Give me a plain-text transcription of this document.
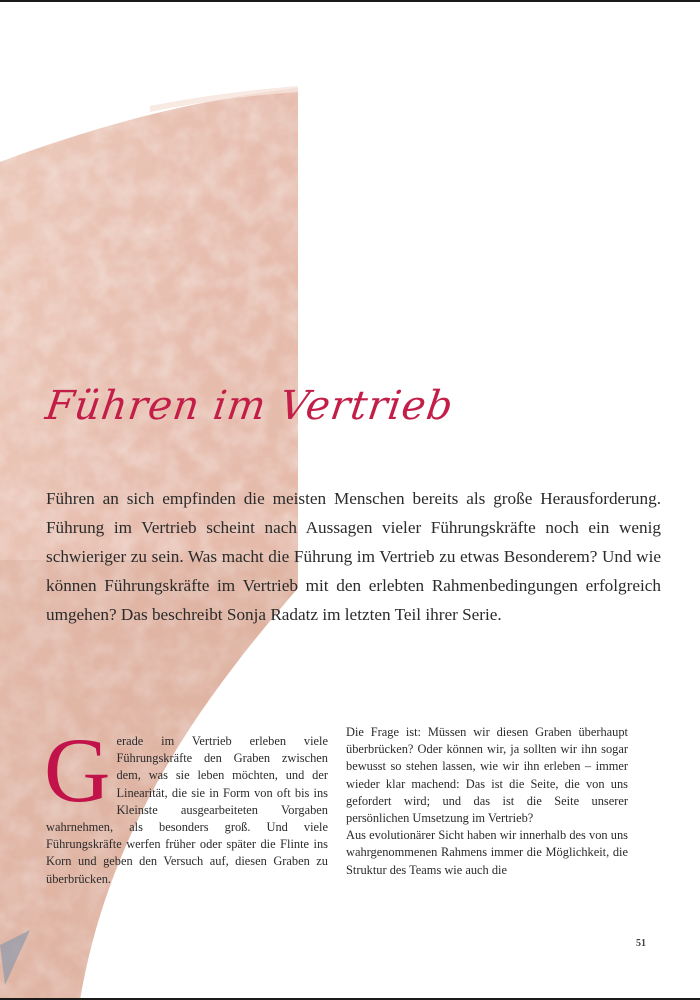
Führen im Vertrieb

Führen an sich empfinden die meisten Menschen bereits als große Herausforderung. Führung im Vertrieb scheint nach Aussagen vieler Führungskräfte noch ein wenig schwieriger zu sein. Was macht die Führung im Vertrieb zu etwas Besonderem? Und wie können Führungskräfte im Vertrieb mit den erlebten Rahmenbedingungen erfolgreich umgehen? Das beschreibt Sonja Radatz im letzten Teil ihrer Serie.

G erade im Vertrieb erleben viele Führungskräfte den Graben zwischen dem, was sie leben möchten, und der Linearität, die sie in Form von oft bis ins Kleinste ausgearbeiteten Vorgaben wahrnehmen, als besonders groß. Und viele Führungskräfte werfen früher oder später die Flinte ins Korn und geben den Versuch auf, diesen Graben zu überbrücken.

Die Frage ist: Müssen wir diesen Graben überhaupt überbrücken? Oder können wir, ja sollten wir ihn sogar bewusst so stehen lassen, wie wir ihn erleben – immer wieder klar machend: Das ist die Seite, die von uns gefordert wird; und das ist die Seite unserer persönlichen Umsetzung im Vertrieb?

Aus evolutionärer Sicht haben wir innerhalb des von uns wahrgenommenen Rahmens immer die Möglichkeit, die Struktur des Teams wie auch die

51
